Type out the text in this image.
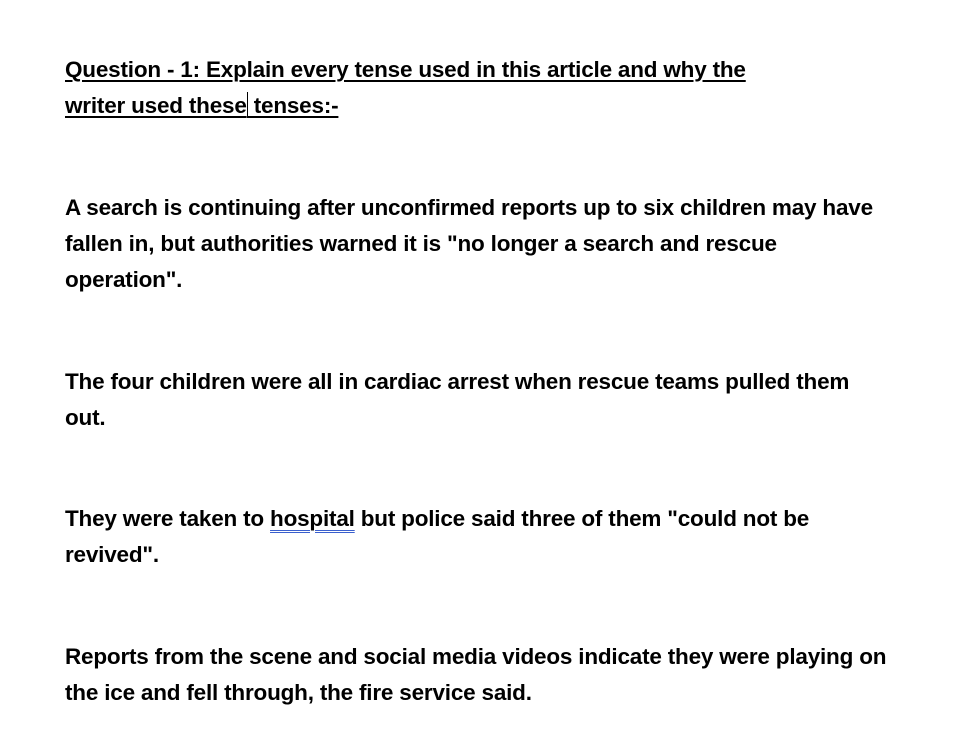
Question - 1: Explain every tense used in this article and why the
writer used these tenses:-

A search is continuing after unconfirmed reports up to six children may have fallen in, but authorities warned it is "no longer a search and rescue operation".

The four children were all in cardiac arrest when rescue teams pulled them out.

They were taken to hospital but police said three of them "could not be revived".

Reports from the scene and social media videos indicate they were playing on the ice and fell through, the fire service said.
